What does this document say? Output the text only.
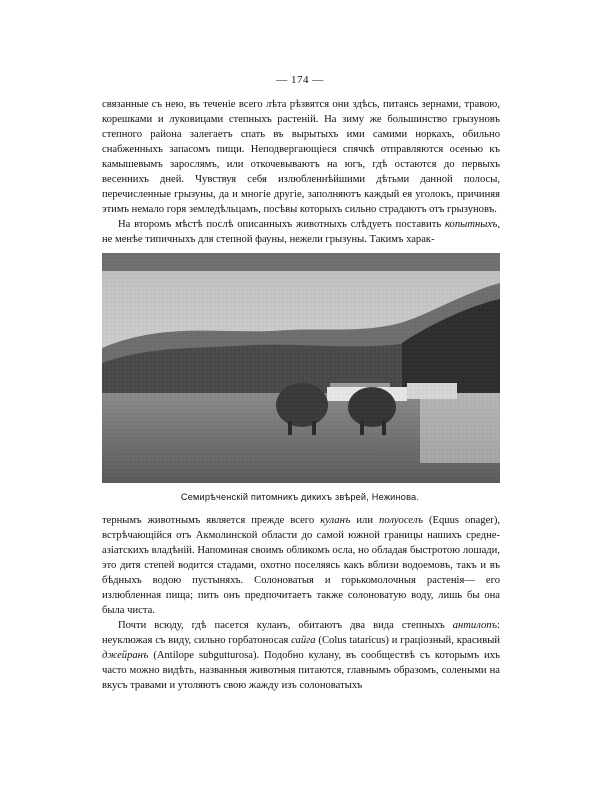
— 174 —

связанные съ нею, въ теченіе всего лѣта рѣзвятся они здѣсь, питаясь зернами, травою, корешками и луковицами степныхъ растеній. На зиму же большинство грызуновъ степного района залегаетъ спать въ вырытыхъ ими самими норкахъ, обильно снабженныхъ запасомъ пищи. Неподвергающіеся спячкѣ отправляются осенью къ камышевымъ зарослямъ, или откочевываютъ на югъ, гдѣ остаются до первыхъ весеннихъ дней. Чувствуя себя излюбленнѣйшими дѣтьми данной полосы, перечисленные грызуны, да и многіе другіе, заполняютъ каждый ея уголокъ, причиняя этимъ немало горя земледѣльцамъ, посѣвы которыхъ сильно страдаютъ отъ грызуновъ.

На второмъ мѣстѣ послѣ описанныхъ животныхъ слѣдуетъ поставить копытныхъ, не менѣе типичныхъ для степной фауны, нежели грызуны. Такимъ харак-

Семирѣченскій питомникъ дикихъ звѣрей, Нежинова.

тернымъ животнымъ является прежде всего куланъ или полуоселъ (Equus onager), встрѣчающійся отъ Акмолинской области до самой южной границы нашихъ средне-азіатскихъ владѣній. Напоминая своимъ обликомъ осла, но обладая быстротою лошади, это дитя степей водится стадами, охотно поселяясь какъ вблизи водоемовъ, такъ и въ бѣдныхъ водою пустыняхъ. Солоноватыя и горькомолочныя растенія— его излюбленная пища; пить онъ предпочитаетъ также солоноватую воду, лишь бы она была чиста.

Почти всюду, гдѣ пасется куланъ, обитаютъ два вида степныхъ антилопъ: неуклюжая съ виду, сильно горбатоносая сайга (Colus tataricus) и граціозный, красивый джейранъ (Antilope subgutturosa). Подобно кулану, въ сообществѣ съ которымъ ихъ часто можно видѣть, названныя животныя питаются, главнымъ образомъ, солеными на вкусъ травами и утоляютъ свою жажду изъ солоноватыхъ
